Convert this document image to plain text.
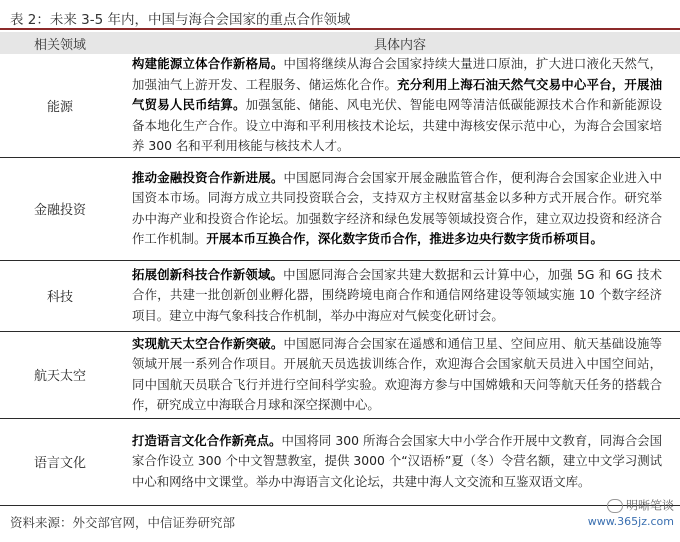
表 2：未来 3-5 年内，中国与海合会国家的重点合作领域
相关领域	具体内容
能源	构建能源立体合作新格局。中国将继续从海合会国家持续大量进口原油，扩大进口液化天然气，加强油气上游开发、工程服务、储运炼化合作。充分利用上海石油天然气交易中心平台，开展油气贸易人民币结算。加强氢能、储能、风电光伏、智能电网等清洁低碳能源技术合作和新能源设备本地化生产合作。设立中海和平利用核技术论坛，共建中海核安保示范中心，为海合会国家培养 300 名和平利用核能与核技术人才。
金融投资	推动金融投资合作新进展。中国愿同海合会国家开展金融监管合作，便利海合会国家企业进入中国资本市场。同海方成立共同投资联合会，支持双方主权财富基金以多种方式开展合作。研究举办中海产业和投资合作论坛。加强数字经济和绿色发展等领域投资合作，建立双边投资和经济合作工作机制。开展本币互换合作，深化数字货币合作，推进多边央行数字货币桥项目。
科技	拓展创新科技合作新领域。中国愿同海合会国家共建大数据和云计算中心，加强 5G 和 6G 技术合作，共建一批创新创业孵化器，围绕跨境电商合作和通信网络建设等领域实施 10 个数字经济项目。建立中海气象科技合作机制，举办中海应对气候变化研讨会。
航天太空	实现航天太空合作新突破。中国愿同海合会国家在遥感和通信卫星、空间应用、航天基础设施等领域开展一系列合作项目。开展航天员选拔训练合作，欢迎海合会国家航天员进入中国空间站，同中国航天员联合飞行并进行空间科学实验。欢迎海方参与中国嫦娥和天问等航天任务的搭载合作，研究成立中海联合月球和深空探测中心。
语言文化	打造语言文化合作新亮点。中国将同 300 所海合会国家大中小学合作开展中文教育，同海合会国家合作设立 300 个中文智慧教室，提供 3000 个“汉语桥”夏（冬）令营名额，建立中文学习测试中心和网络中文课堂。举办中海语言文化论坛，共建中海人文交流和互鉴双语文库。
资料来源：外交部官网，中信证券研究部
明晰笔谈
www.365jz.com
